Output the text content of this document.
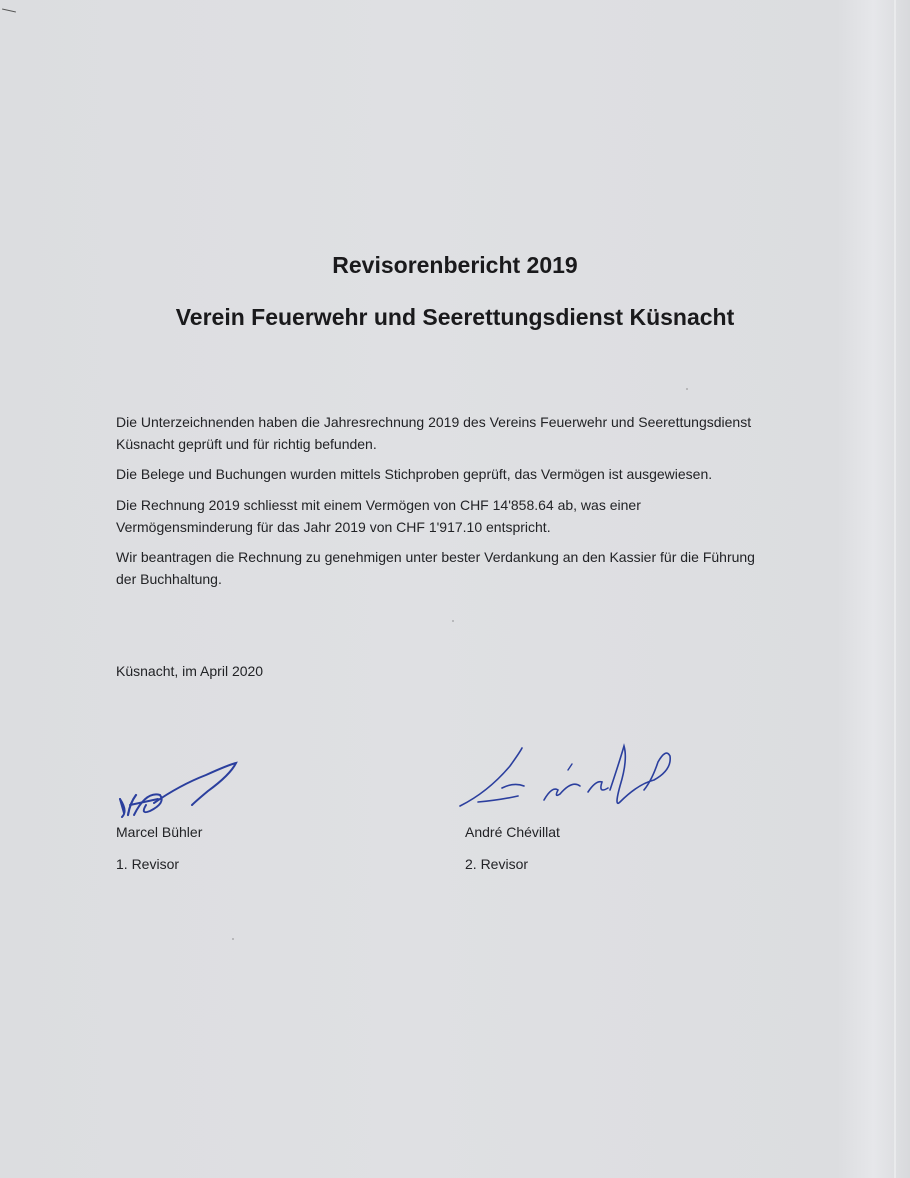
Revisorenbericht 2019
Verein Feuerwehr und Seerettungsdienst Küsnacht
Die Unterzeichnenden haben die Jahresrechnung 2019 des Vereins Feuerwehr und Seerettungsdienst Küsnacht geprüft und für richtig befunden.
Die Belege und Buchungen wurden mittels Stichproben geprüft, das Vermögen ist ausgewiesen.
Die Rechnung 2019 schliesst mit einem Vermögen von CHF 14'858.64 ab, was einer Vermögensminderung für das Jahr 2019 von CHF 1'917.10 entspricht.
Wir beantragen die Rechnung zu genehmigen unter bester Verdankung an den Kassier für die Führung der Buchhaltung.
Küsnacht, im April 2020
Marcel Bühler
1. Revisor
André Chévillat
2. Revisor
